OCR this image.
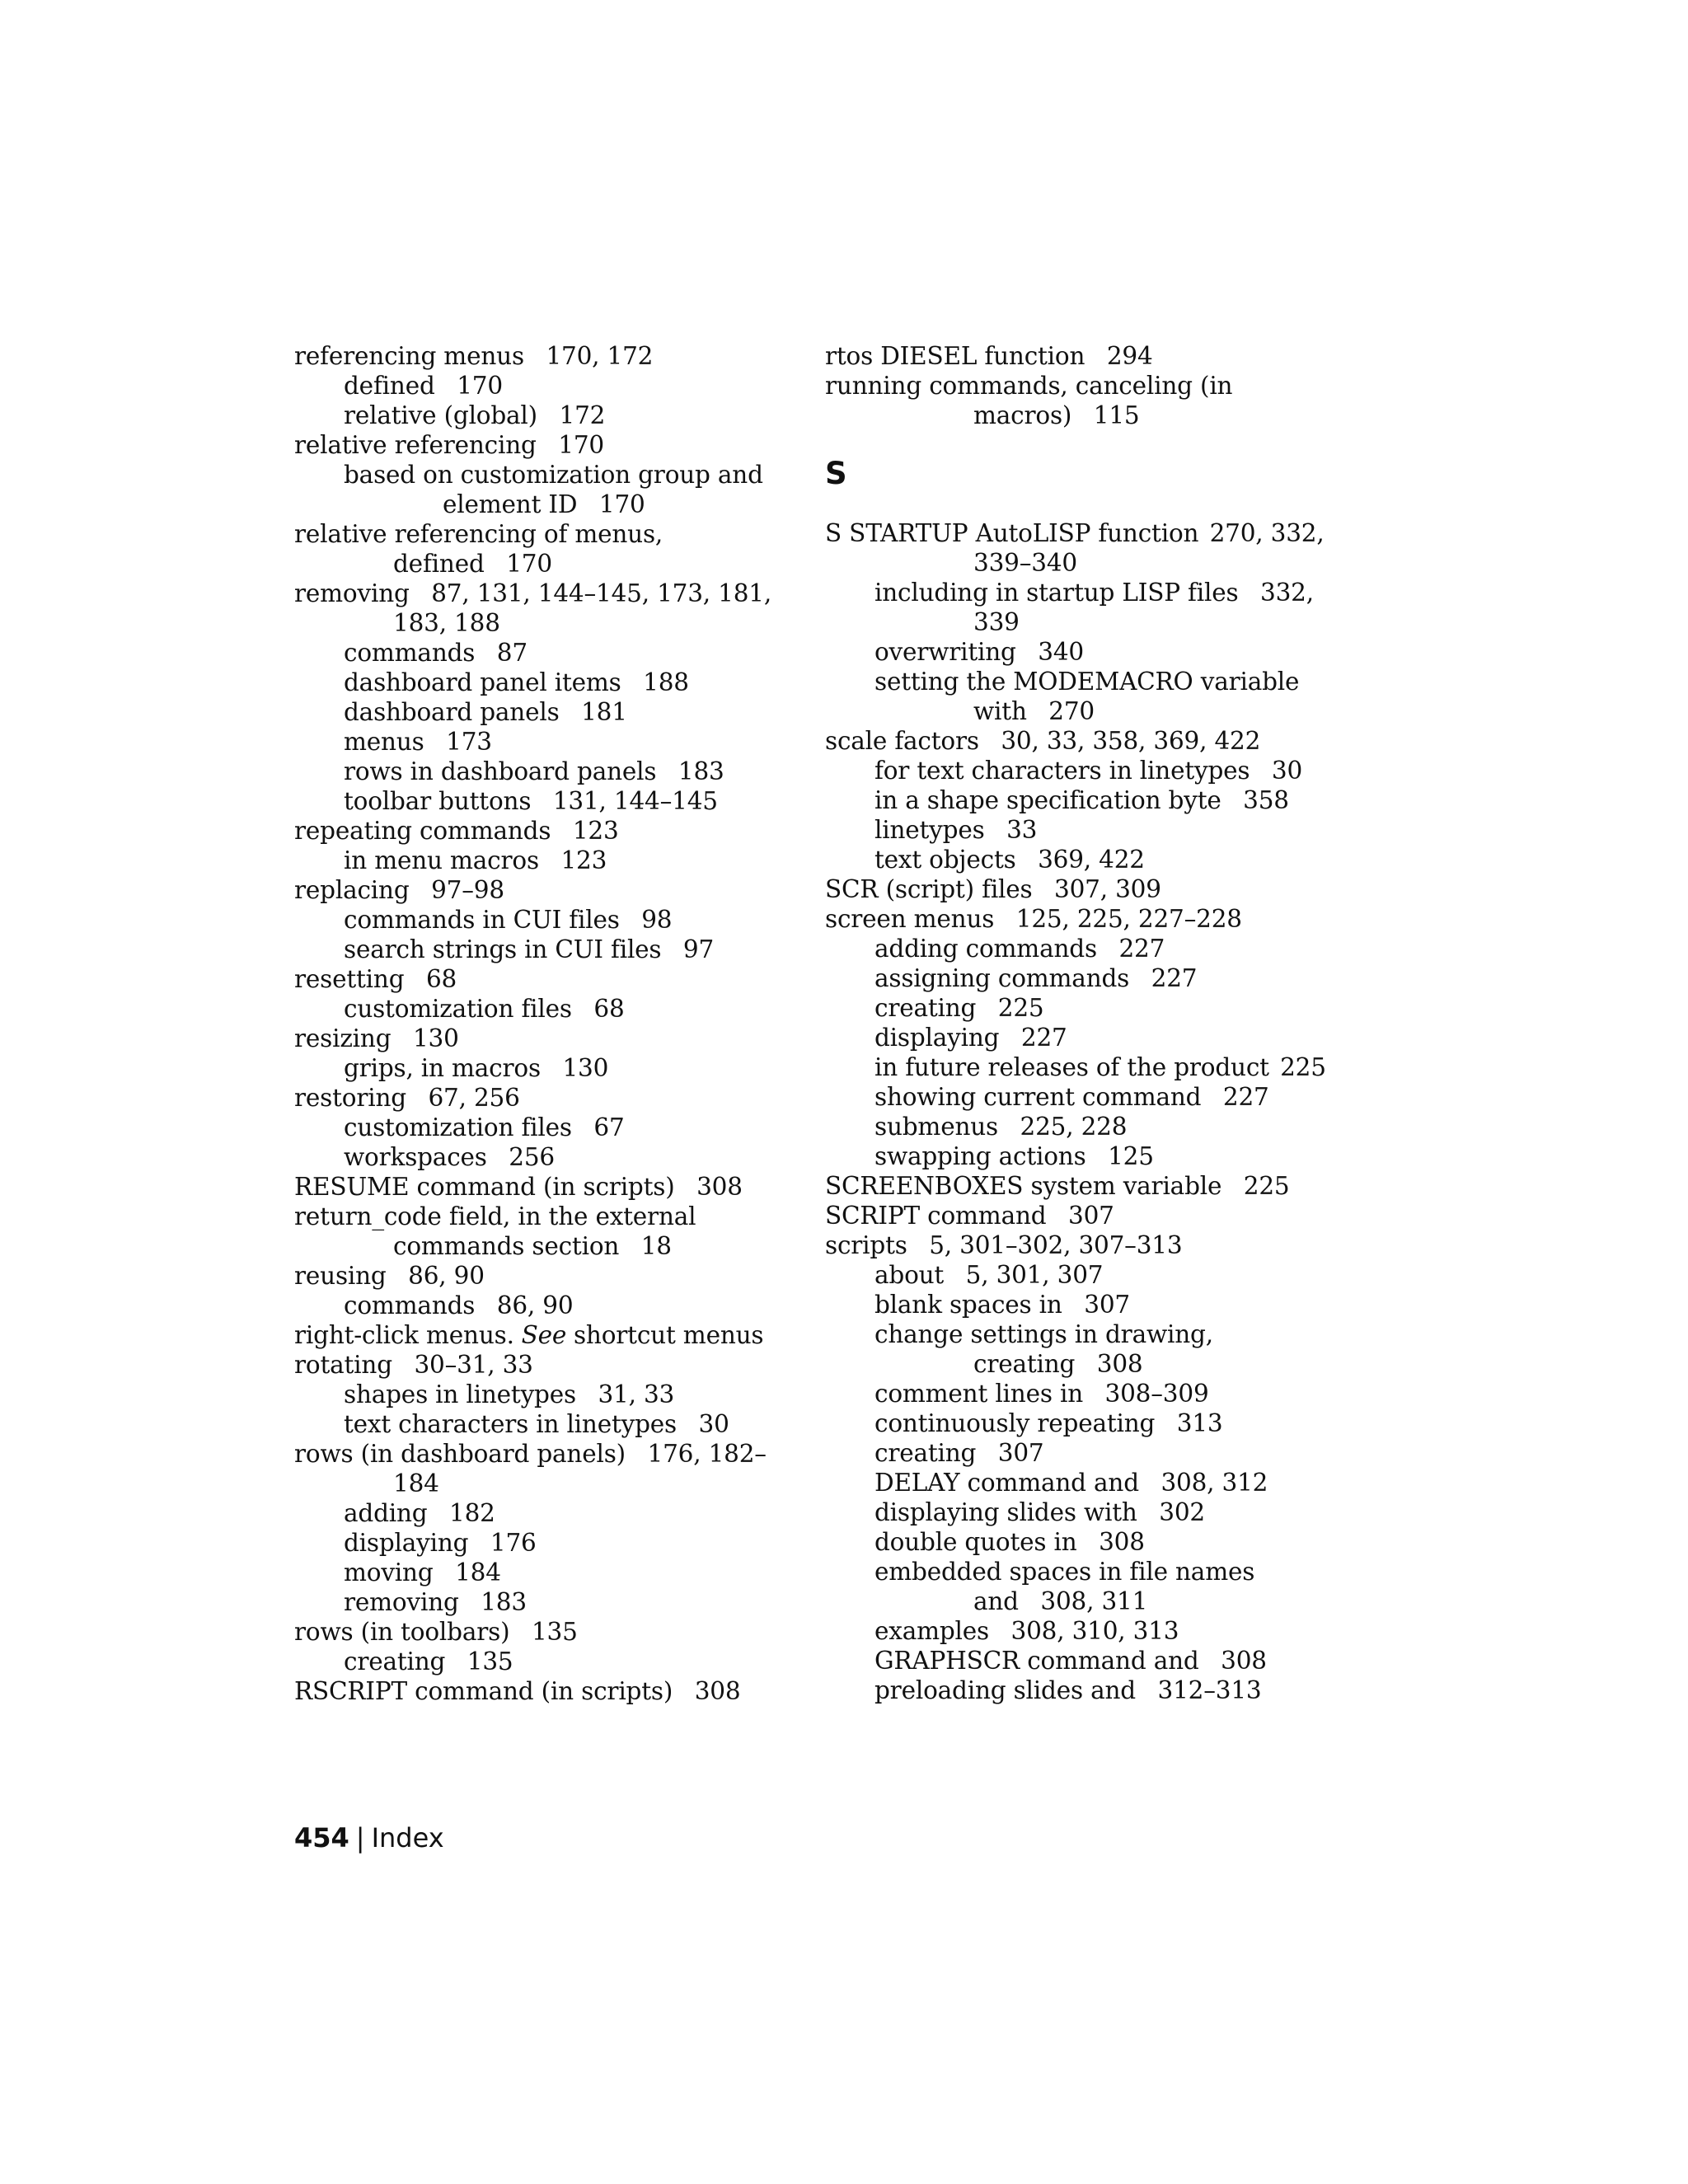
referencing menus 170, 172
defined 170
relative (global) 172
relative referencing 170
based on customization group and
element ID 170
relative referencing of menus,
defined 170
removing 87, 131, 144–145, 173, 181,
183, 188
commands 87
dashboard panel items 188
dashboard panels 181
menus 173
rows in dashboard panels 183
toolbar buttons 131, 144–145
repeating commands 123
in menu macros 123
replacing 97–98
commands in CUI files 98
search strings in CUI files 97
resetting 68
customization files 68
resizing 130
grips, in macros 130
restoring 67, 256
customization files 67
workspaces 256
RESUME command (in scripts) 308
return_code field, in the external
commands section 18
reusing 86, 90
commands 86, 90
right-click menus. See shortcut menus
rotating 30–31, 33
shapes in linetypes 31, 33
text characters in linetypes 30
rows (in dashboard panels) 176, 182–
184
adding 182
displaying 176
moving 184
removing 183
rows (in toolbars) 135
creating 135
RSCRIPT command (in scripts) 308
rtos DIESEL function 294
running commands, canceling (in
macros) 115
S
S STARTUP AutoLISP function 270, 332,
339–340
including in startup LISP files 332,
339
overwriting 340
setting the MODEMACRO variable
with 270
scale factors 30, 33, 358, 369, 422
for text characters in linetypes 30
in a shape specification byte 358
linetypes 33
text objects 369, 422
SCR (script) files 307, 309
screen menus 125, 225, 227–228
adding commands 227
assigning commands 227
creating 225
displaying 227
in future releases of the product 225
showing current command 227
submenus 225, 228
swapping actions 125
SCREENBOXES system variable 225
SCRIPT command 307
scripts 5, 301–302, 307–313
about 5, 301, 307
blank spaces in 307
change settings in drawing,
creating 308
comment lines in 308–309
continuously repeating 313
creating 307
DELAY command and 308, 312
displaying slides with 302
double quotes in 308
embedded spaces in file names
and 308, 311
examples 308, 310, 313
GRAPHSCR command and 308
preloading slides and 312–313
454 | Index
